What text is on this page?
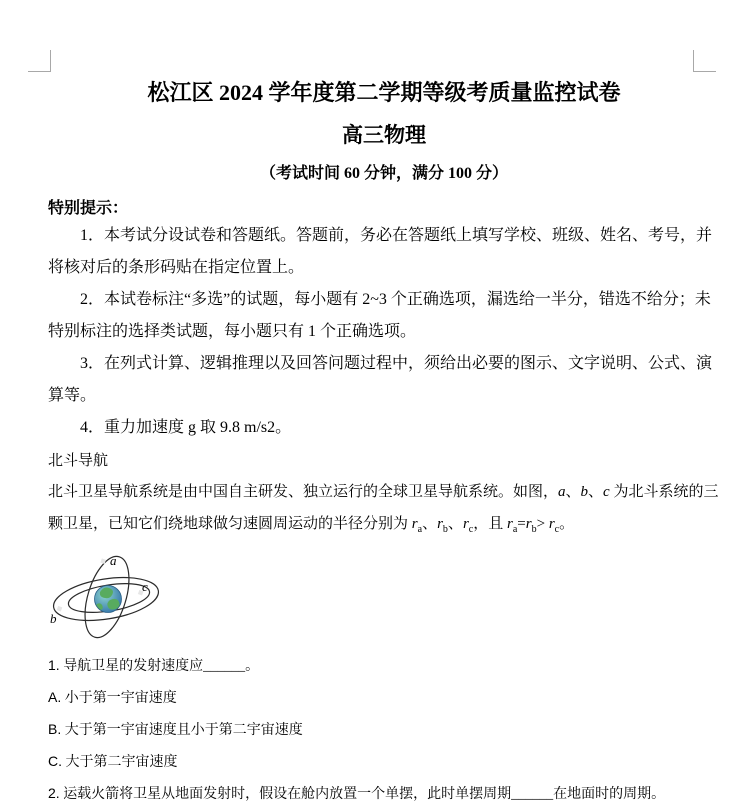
松江区 2024 学年度第二学期等级考质量监控试卷
高三物理
（考试时间 60 分钟，满分 100 分）
特别提示：

1．本考试分设试卷和答题纸。答题前，务必在答题纸上填写学校、班级、姓名、考号，并将核对后的条形码贴在指定位置上。

2．本试卷标注“多选”的试题，每小题有 2~3 个正确选项，漏选给一半分，错选不给分；未特别标注的选择类试题，每小题只有 1 个正确选项。

3．在列式计算、逻辑推理以及回答问题过程中，须给出必要的图示、文字说明、公式、演算等。

4．重力加速度 g 取 9.8 m/s2。

北斗导航

北斗卫星导航系统是由中国自主研发、独立运行的全球卫星导航系统。如图，a、b、c 为北斗系统的三颗卫星，已知它们绕地球做匀速圆周运动的半径分别为 $r_a$、$r_b$、$r_c$，且 $r_a=r_b> r_c$。

a
b
c
1. 导航卫星的发射速度应______。
A. 小于第一宇宙速度
B. 大于第一宇宙速度且小于第二宇宙速度
C. 大于第二宇宙速度
2. 运载火箭将卫星从地面发射时，假设在舱内放置一个单摆，此时单摆周期______在地面时的周期。
